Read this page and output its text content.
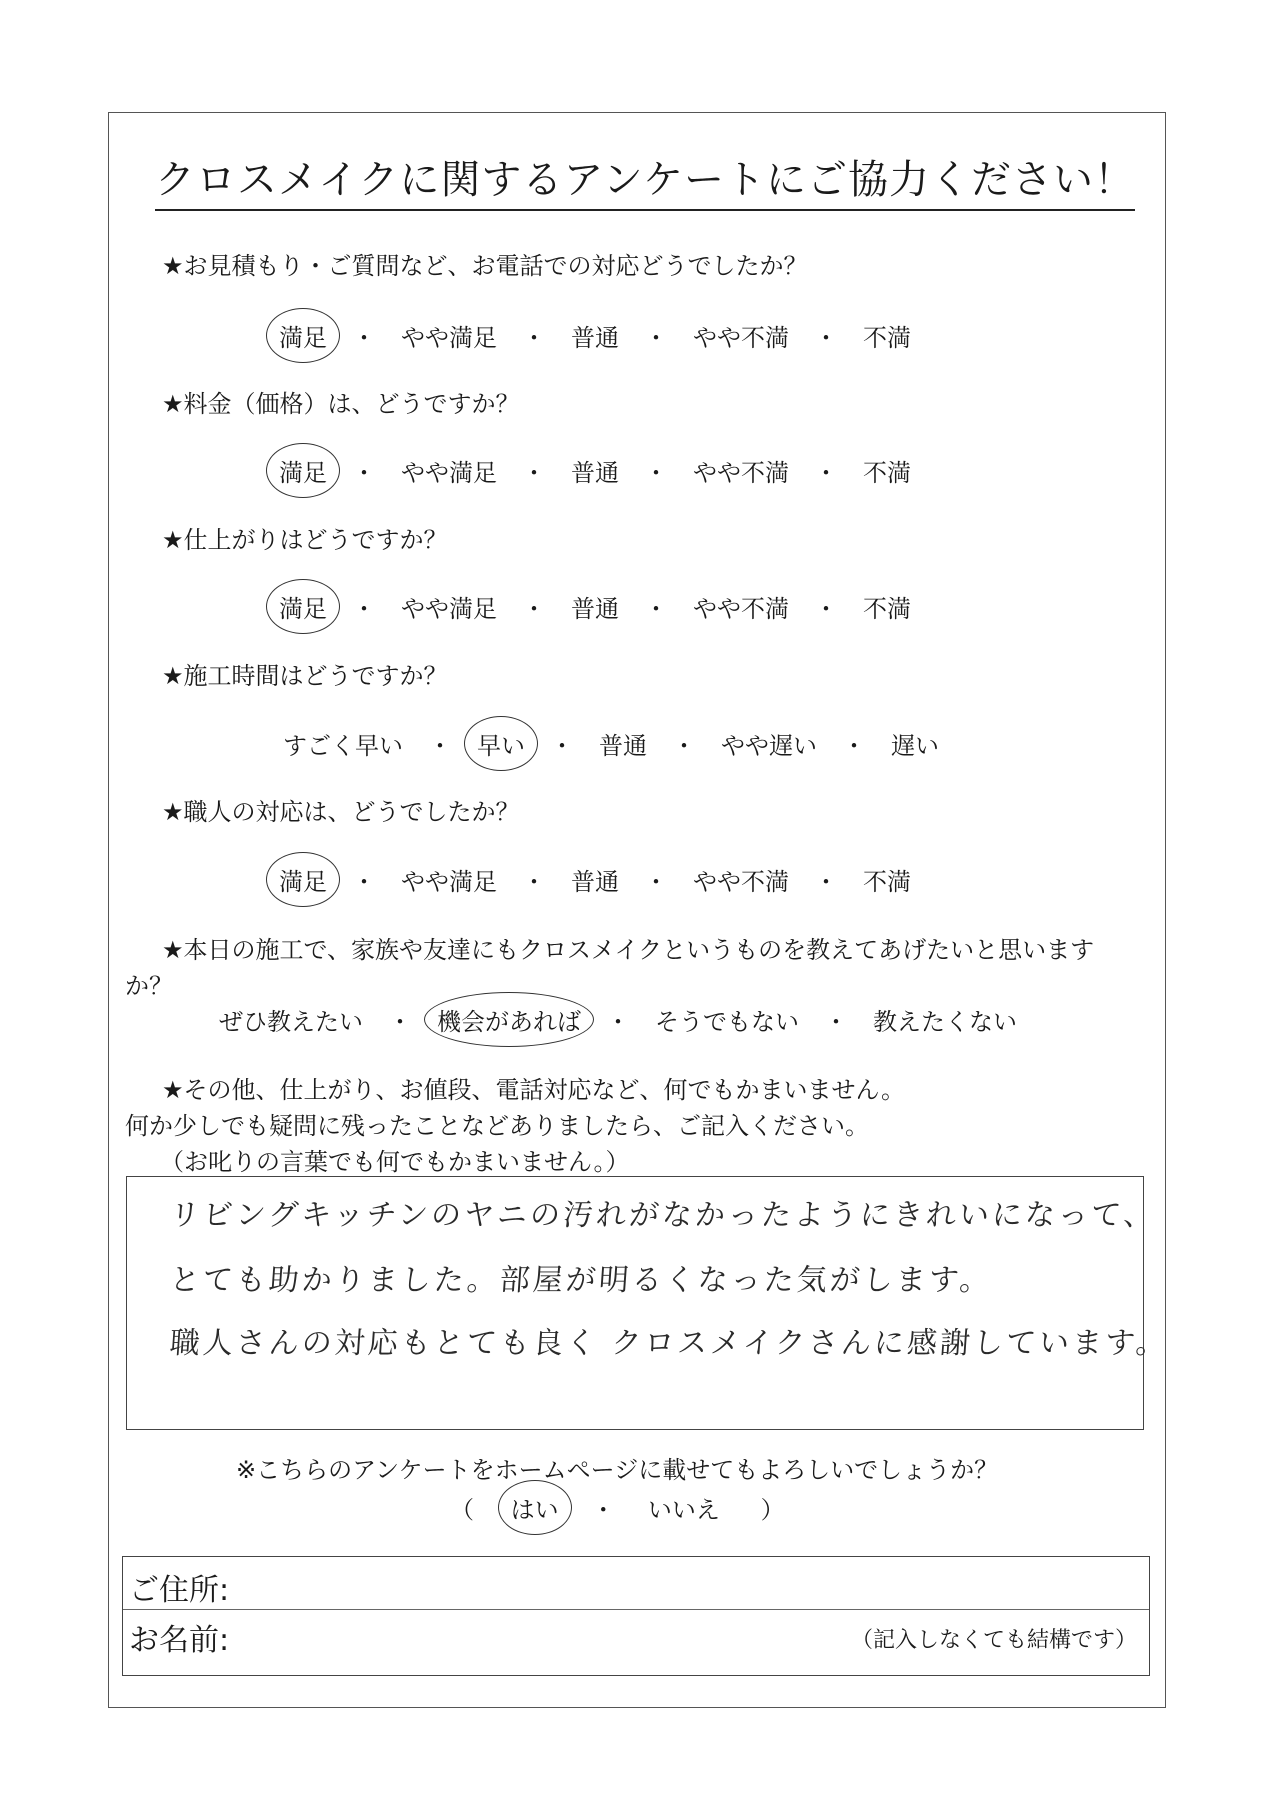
クロスメイクに関するアンケートにご協力ください！
★お見積もり・ご質問など、お電話での対応どうでしたか？
満足 ・ やや満足 ・ 普通 ・ やや不満 ・ 不満
★料金（価格）は、どうですか？
満足 ・ やや満足 ・ 普通 ・ やや不満 ・ 不満
★仕上がりはどうですか？
満足 ・ やや満足 ・ 普通 ・ やや不満 ・ 不満
★施工時間はどうですか？
すごく早い ・ 早い ・ 普通 ・ やや遅い ・ 遅い
★職人の対応は、どうでしたか？
満足 ・ やや満足 ・ 普通 ・ やや不満 ・ 不満
★本日の施工で、家族や友達にもクロスメイクというものを教えてあげたいと思います
か？
ぜひ教えたい ・ 機会があれば ・ そうでもない ・ 教えたくない
★その他、仕上がり、お値段、電話対応など、何でもかまいません。
何か少しでも疑問に残ったことなどありましたら、ご記入ください。
（お叱りの言葉でも何でもかまいません。）
リビングキッチンのヤニの汚れがなかったようにきれいになって、
とても助かりました。部屋が明るくなった気がします。
職人さんの対応もとても良く クロスメイクさんに感謝しています。
※こちらのアンケートをホームページに載せてもよろしいでしょうか？
（ はい ・ いいえ ）
ご住所:
お名前:	（記入しなくても結構です）
